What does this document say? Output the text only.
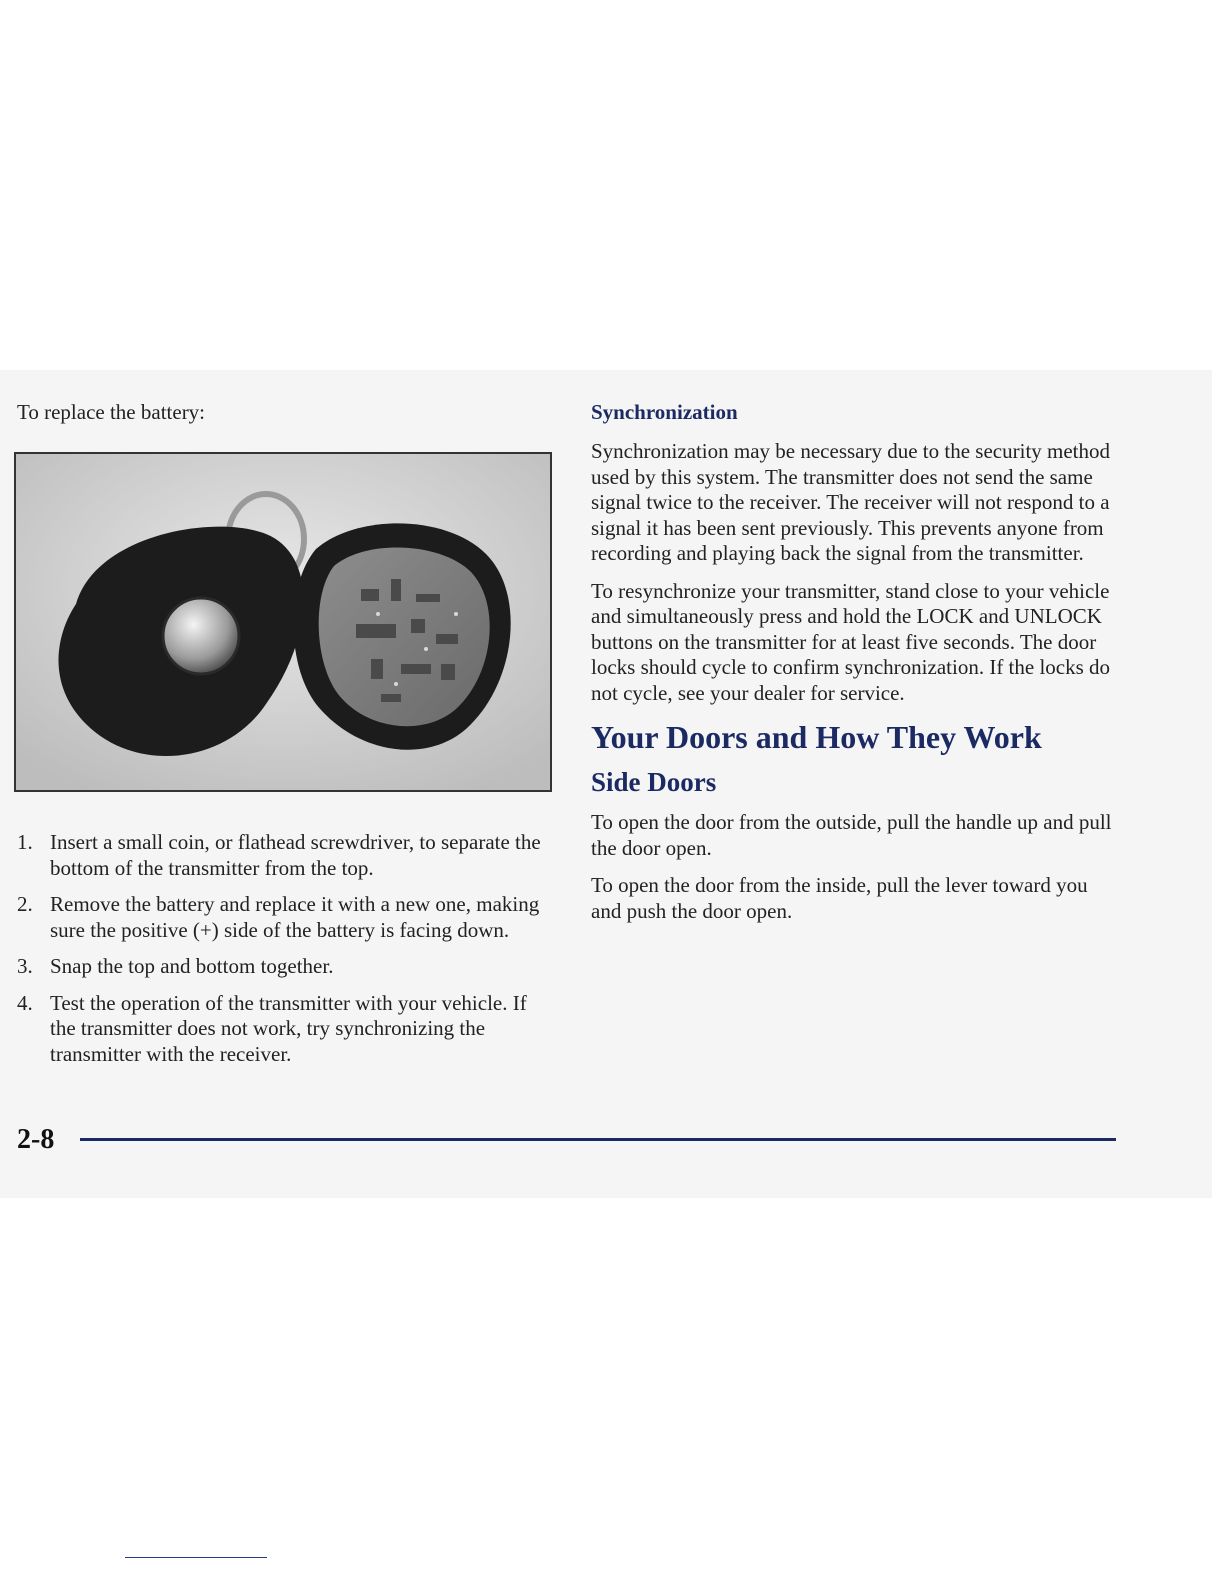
To replace the battery:

1. Insert a small coin, or flathead screwdriver, to separate the bottom of the transmitter from the top.
2. Remove the battery and replace it with a new one, making sure the positive (+) side of the battery is facing down.
3. Snap the top and bottom together.
4. Test the operation of the transmitter with your vehicle. If the transmitter does not work, try synchronizing the transmitter with the receiver.
Synchronization

Synchronization may be necessary due to the security method used by this system. The transmitter does not send the same signal twice to the receiver. The receiver will not respond to a signal it has been sent previously. This prevents anyone from recording and playing back the signal from the transmitter.

To resynchronize your transmitter, stand close to your vehicle and simultaneously press and hold the LOCK and UNLOCK buttons on the transmitter for at least five seconds. The door locks should cycle to confirm synchronization. If the locks do not cycle, see your dealer for service.

Your Doors and How They Work
Side Doors

To open the door from the outside, pull the handle up and pull the door open.

To open the door from the inside, pull the lever toward you and push the door open.

2-8
